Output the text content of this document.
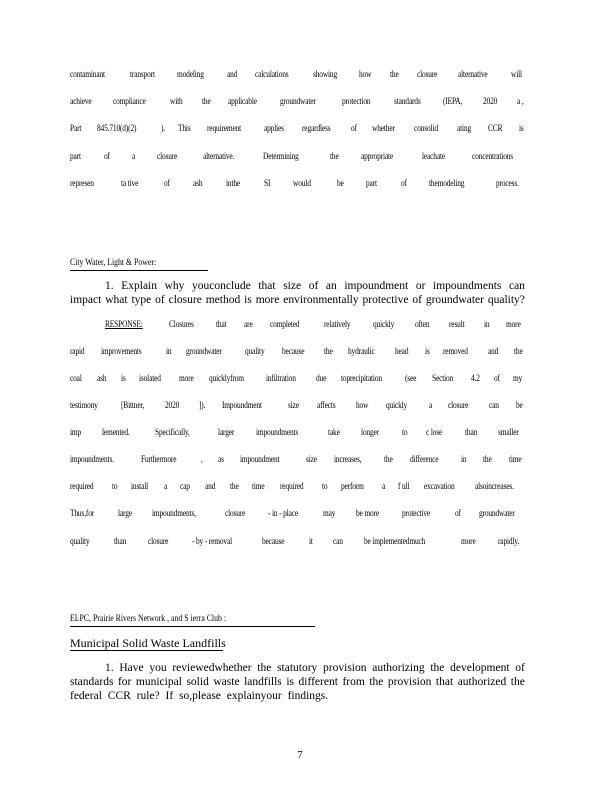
contaminant	transport modeling and calculations	showing how the closure alternative will
achieve compliance	with the applicable groundwater	protection standards (IEPA, 2020 a ,
Part 845.710(d)(2)	). This requirement applies regardless of whether consolid ating CCR is
part of a closure	alternative.	Determining	the appropriate	leachate	concentrations
represen	ta tive	of ash inthe	SI would	be part	of themodeling	process.
City Water, Light & Power:
1. Explain why youconclude that size of an impoundment or impoundments can
impact what type of closure method is more environmentally protective of groundwater quality?
RESPONSE:	Closures that are completed relatively quickly often result in more
rapid improvements	in groundwater quality because the hydraulic head is removed and the
coal ash is isolated more quicklyfrom infiltration due toprecipitation (see Section 4.2 of my
testimony [Bittner, 2020 ]). Impoundment	size affects how quickly a closure can be
imp lemented.	Specifically,	larger impoundments	take longer to c lose than smaller
impoundments.	Furthermore	, as impoundment	size increases, the difference in the time
required to install a cap and the time required to perform a f ull excavation alsoincreases.
Thus,for large impoundments,	closure - in - place	may be more protective	of groundwater
quality	than closure	- by - removal	because	it can be implementedmuch	more rapidly.
ELPC, Prairie Rivers Network , and S ierra Club :
Municipal Solid Waste Landfills
1. Have you reviewedwhether the statutory provision authorizing the development of
standards for municipal solid waste landfills is different from the provision that authorized the
federal CCR rule? If so,please explainyour findings.
7
